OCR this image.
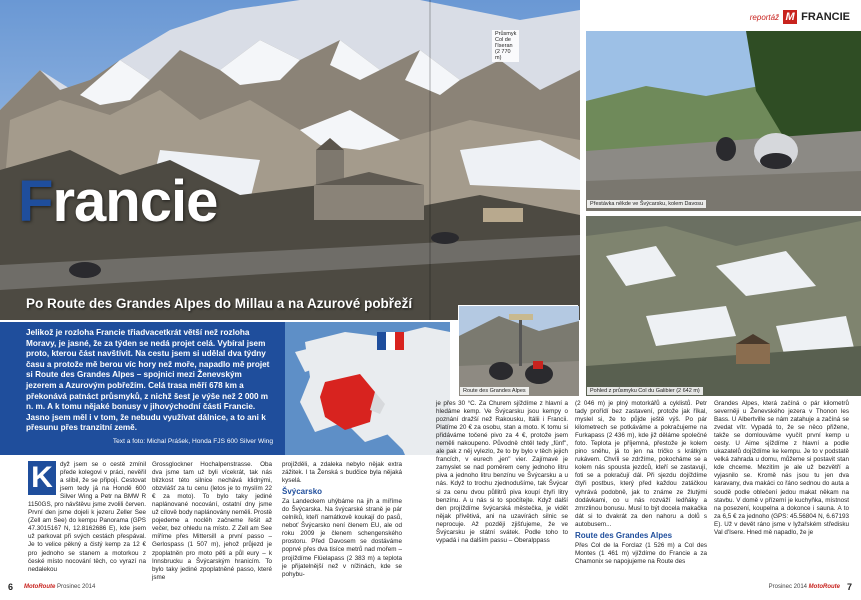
Průsmyk Col de l'Iseran (2 770 m)
Francie
Po Route des Grandes Alpes do Millau a na Azurové pobřeží
Jelikož je rozloha Francie třiadvacetkrát větší než rozloha Moravy, je jasné, že za týden se nedá projet celá. Vybíral jsem proto, kterou část navštívit. Na cestu jsem si udělal dva týdny času a protože mě berou víc hory než moře, napadlo mě projet si Route des Grandes Alpes – spojnici mezi Ženevským jezerem a Azurovým pobřežím. Celá trasa měří 678 km a překonává patnáct průsmyků, z nichž šest je výše než 2 000 m n. m. A k tomu nějaké bonusy v jihovýchodní části Francie. Jasno jsem měl i v tom, že nebudu využívat dálnice, a to ani k přesunu přes tranzitní země.
Text a foto: Michal Prášek, Honda FJS 600 Silver Wing
K	dyž jsem se o cestě zmínil přede kolegovi v práci, nevěřil a slíbil, že se připojí. Cestovat jsem tedy já na Hondě 600 Silver Wing a Petr na BMW R 1150GS, pro návštěvu jsme zvolili červen. První den jsme dojeli k jezeru Zeller See (Zell am See) do kempu Panorama (GPS 47.3015167 N, 12.8162686 E), kde jsem už parkovat při svých cestách přespával. Je to velice pěkný a čistý kemp za 12 € pro jednoho se stanem a motorkou z české místo nocování těch, co vyrazí na nedalekou

Grossglockner Hochalpenstrasse. Oba dva jsme tam už byli vícekrát, tak nás blízkost této silnice nechává klidnými, obzvlášť za tu cenu (letos je to myslím 22 € za moto). To bylo taky jediné naplánované nocování, ostatní dny jsme už cílově body naplánovány neměli. Prostě pojedeme a noclěh začneme řešit až večer, bez ohledu na místo. Z Zell am See míříme přes Mittersill a první passo – Gerlospass (1 507 m), jehož průjezd je zpoplatněn pro moto pěti a půl eury – k Innsbrucku a Švýcarským hranicím. To bylo taky jediné zpoplatněné passo, které jsme

projížděli, a zdaleka nebylo nějak extra zážitek. I ta Ženská s budčice byla nějaká kyselá.

Švýcarsko

Za Landeckem uhýbáme na jih a míříme do Švýcarska. Na švýcarské straně je pár celníků, kteří namátkově koukají do pasů, neboť Švýcarsko není členem EU, ale od roku 2009 je členem schengenského prostoru. Před Davosem se dostáváme poprvé přes dva tisíce metrů nad mořem – projíždíme Flüelapass (2 383 m) a teplota je přijatelnější než v nížinách, kde se pohybu-

6 MotoRoute Prosinec 2014
reportáž M FRANCIE
Přestávka někde ve Švýcarsku, kolem Davosu
Route des Grandes Alpes	Pohled z průsmyku Col du Galibier (2 642 m)

je přes 30 °C. Za Churem sjíždíme z hlavní a hledáme kemp. Ve Švýcarsku jsou kempy o poznání dražší než Rakousku, Itálii i Francii. Platíme 20 € za osobu, stan a moto. K tomu si přidáváme točené pivo za 4 €, protože jsem neměli nakoupeno. Původně chtěl tedy „fünf", ale pak z něj vylezlo, že to by bylo v těch jejich francích, v eurech „jen" vier. Zajímavé je zamyslet se nad poměrem ceny jednoho litru piva a jednoho litru benzínu ve Švýcarsku a u nás. Když to trochu zjednodušíme, tak Švýcar si za cenu dvou půllitrů piva koupí čtyři litry benzínu. A u nás si to spočítejte. Když další den projíždíme švýcarská městečka, je vidět nějak přívětivá, ani na uzavírách silnic se neprocuje. Až později zjišťujeme, že ve Švýcarsku je státní svátek. Podle toho to vypadá i na dalším passu – Oberalppass

(2 046 m) je plný motorkářů a cyklistů. Petr tady prořídí bez zastavení, protože jak říkal, myslel si, že to půjde ještě výš. Po pár kilometrech se potkáváme a pokračujeme na Furkapass (2 436 m), kde již děláme společné foto. Teplota je příjemná, přestože je kolem pino sněhu, já to jen na tričko s krátkým rukávem. Chvíli se zdržíme, pokocháme se a kolem nás spousta jezdců, kteří se zastavují, foti se a pokračují dál. Při sjezdu dojíždíme čtyři postbus, který před každou zatáčkou vyhrává podobně, jak to známe ze žlutými dodávkami, co u nás rozváží ledňáky a zmrzlinou bonusu. Musí to být docela makačka dát si to dvakrát za den nahoru a dolů s autobusem...

Route des Grandes Alpes

Přes Col de la Forclaz (1 526 m) a Col des Montes (1 461 m) vjíždíme do Francie a za Chamonix se napojujeme na Route des

Grandes Alpes, která začíná o pár kilometrů severněji u Ženevského jezera v Thonon les Bass. U Albertville se nám zatahuje a začíná se zvedat vítr. Vypadá to, že se něco přižene, takže se domlouváme vyučít první kemp u cesty. U Aime sjíždíme z hlavní a podle ukazatelů dojíždíme ke kempu. Je to v podstatě velká zahrada u domu, můžeme si postavit stan kde chceme. Mezitím je ale už bezvětří a vyjasnilo se. Kromě nás jsou tu jen dva karavany, dva makáci co řáno sednou do auta a soudě podle oblečení jedou makat někam na stavbu. V domě v přízemí je kuchyňka, místnost na posezení, koupelna a dokonce i sauna. A to za 6,5 € za jednoho (GPS: 45.56804 N, 6.67193 E). Už v devět ráno jsme v lyžařském středisku Val d'Isere. Hned mě napadlo, že je

Prosinec 2014 MotoRoute 7
